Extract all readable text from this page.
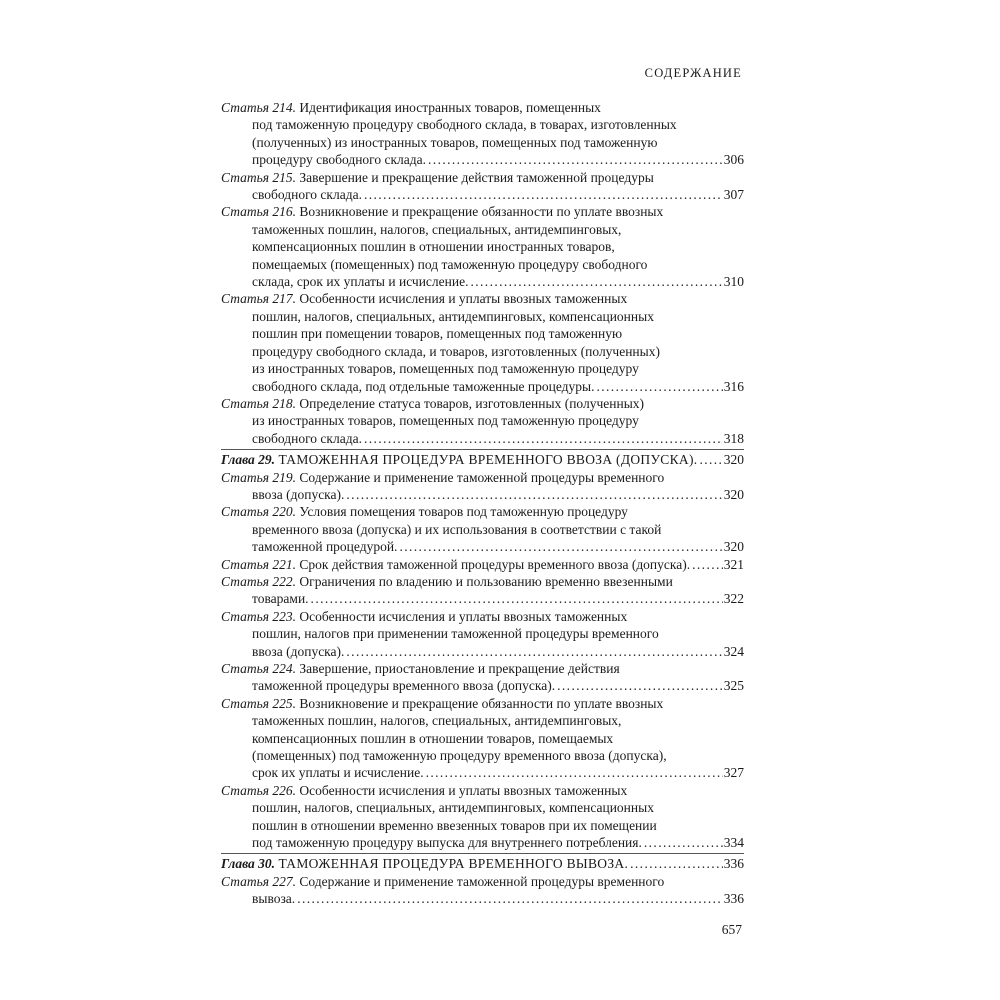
СОДЕРЖАНИЕ
Статья 214. Идентификация иностранных товаров, помещенных
под таможенную процедуру свободного склада, в товарах, изготовленных
(полученных) из иностранных товаров, помещенных под таможенную
процедуру свободного склада. .....	306
Статья 215. Завершение и прекращение действия таможенной процедуры
свободного склада. .....	307
Статья 216. Возникновение и прекращение обязанности по уплате ввозных
таможенных пошлин, налогов, специальных, антидемпинговых,
компенсационных пошлин в отношении иностранных товаров,
помещаемых (помещенных) под таможенную процедуру свободного
склада, срок их уплаты и исчисление. .....	310
Статья 217. Особенности исчисления и уплаты ввозных таможенных
пошлин, налогов, специальных, антидемпинговых, компенсационных
пошлин при помещении товаров, помещенных под таможенную
процедуру свободного склада, и товаров, изготовленных (полученных)
из иностранных товаров, помещенных под таможенную процедуру
свободного склада, под отдельные таможенные процедуры. .....	316
Статья 218. Определение статуса товаров, изготовленных (полученных)
из иностранных товаров, помещенных под таможенную процедуру
свободного склада. .....	318
Глава 29. ТАМОЖЕННАЯ ПРОЦЕДУРА ВРЕМЕННОГО ВВОЗА (ДОПУСКА). ..... 320
Статья 219. Содержание и применение таможенной процедуры временного
ввоза (допуска). .....	320
Статья 220. Условия помещения товаров под таможенную процедуру
временного ввоза (допуска) и их использования в соответствии с такой
таможенной процедурой. .....	320
Статья 221. Срок действия таможенной процедуры временного ввоза (допуска). ..... 321
Статья 222. Ограничения по владению и пользованию временно ввезенными
товарами. .....	322
Статья 223. Особенности исчисления и уплаты ввозных таможенных
пошлин, налогов при применении таможенной процедуры временного
ввоза (допуска). .....	324
Статья 224. Завершение, приостановление и прекращение действия
таможенной процедуры временного ввоза (допуска). .....	325
Статья 225. Возникновение и прекращение обязанности по уплате ввозных
таможенных пошлин, налогов, специальных, антидемпинговых,
компенсационных пошлин в отношении товаров, помещаемых
(помещенных) под таможенную процедуру временного ввоза (допуска),
срок их уплаты и исчисление. .....	327
Статья 226. Особенности исчисления и уплаты ввозных таможенных
пошлин, налогов, специальных, антидемпинговых, компенсационных
пошлин в отношении временно ввезенных товаров при их помещении
под таможенную процедуру выпуска для внутреннего потребления. .....	334
Глава 30. ТАМОЖЕННАЯ ПРОЦЕДУРА ВРЕМЕННОГО ВЫВОЗА. .....	336
Статья 227. Содержание и применение таможенной процедуры временного
вывоза. .....	336
657
